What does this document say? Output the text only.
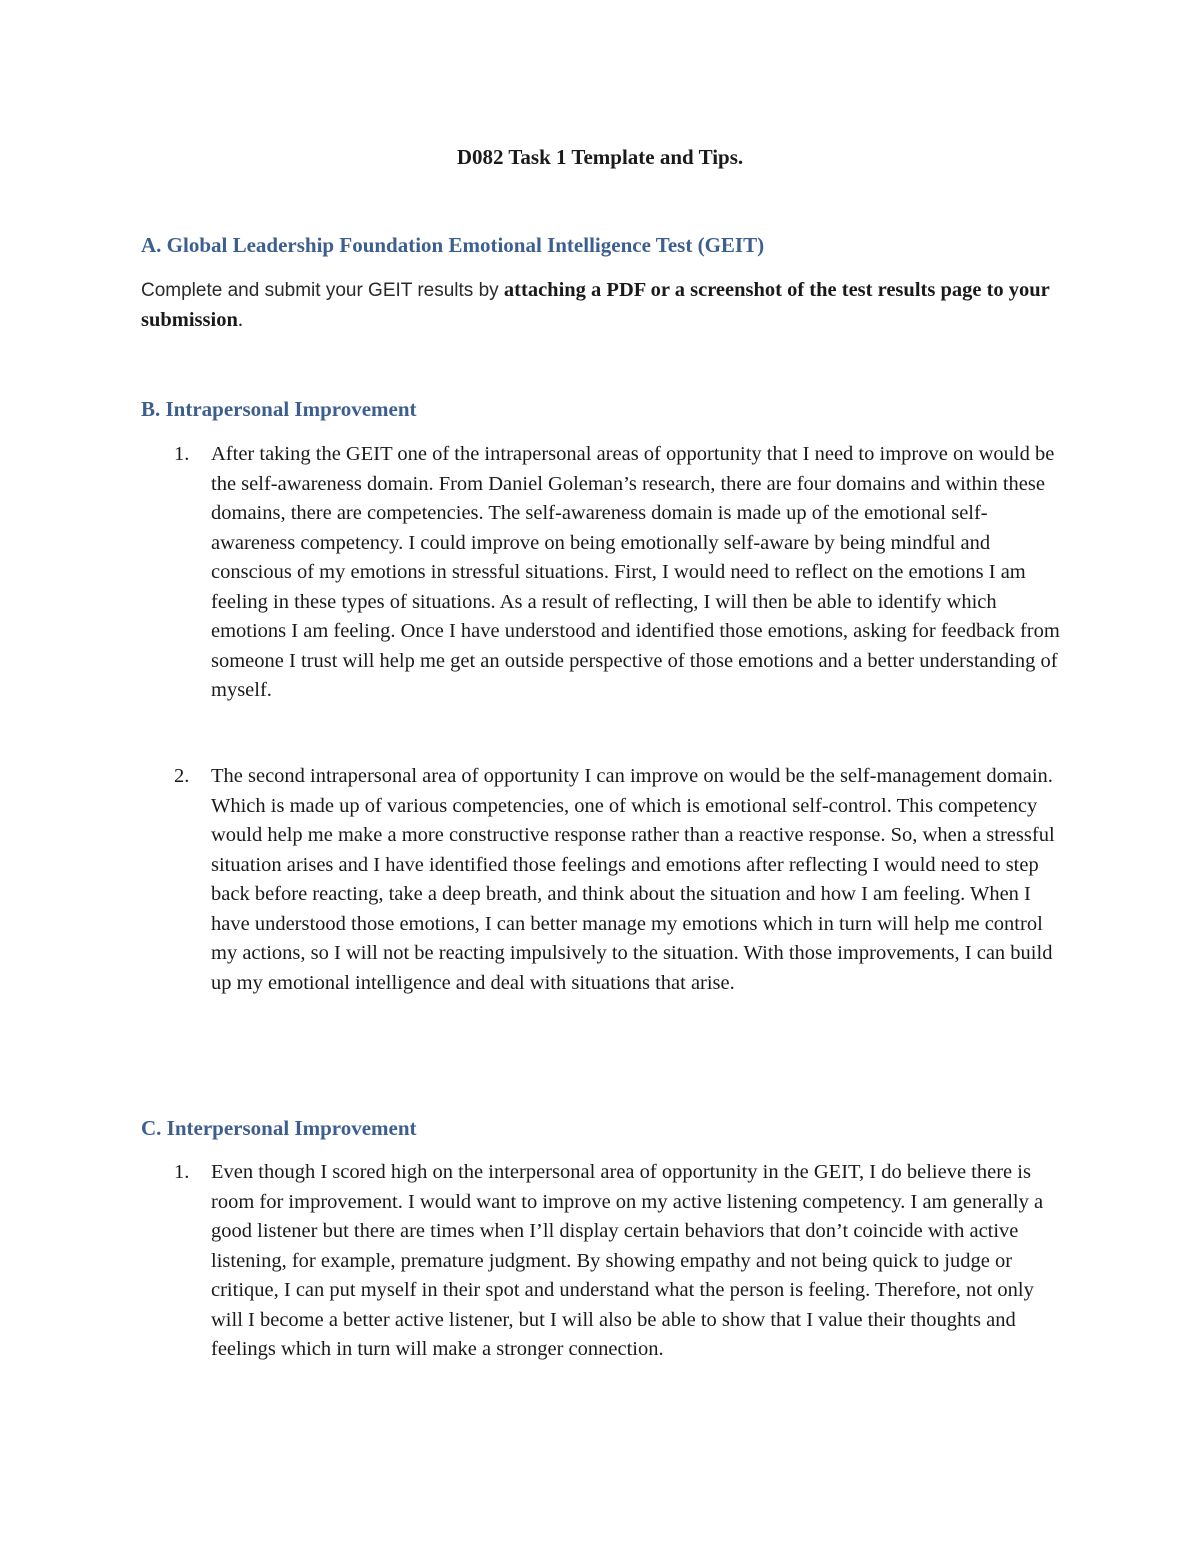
D082 Task 1 Template and Tips.
A. Global Leadership Foundation Emotional Intelligence Test (GEIT)

Complete and submit your GEIT results by attaching a PDF or a screenshot of the test results page to your submission.

B. Intrapersonal Improvement
1.	After taking the GEIT one of the intrapersonal areas of opportunity that I need to improve on would be the self-awareness domain. From Daniel Goleman’s research, there are four domains and within these domains, there are competencies. The self-awareness domain is made up of the emotional self-awareness competency. I could improve on being emotionally self-aware by being mindful and conscious of my emotions in stressful situations. First, I would need to reflect on the emotions I am feeling in these types of situations. As a result of reflecting, I will then be able to identify which emotions I am feeling. Once I have understood and identified those emotions, asking for feedback from someone I trust will help me get an outside perspective of those emotions and a better understanding of myself.
2.	The second intrapersonal area of opportunity I can improve on would be the self-management domain. Which is made up of various competencies, one of which is emotional self-control. This competency would help me make a more constructive response rather than a reactive response. So, when a stressful situation arises and I have identified those feelings and emotions after reflecting I would need to step back before reacting, take a deep breath, and think about the situation and how I am feeling. When I have understood those emotions, I can better manage my emotions which in turn will help me control my actions, so I will not be reacting impulsively to the situation. With those improvements, I can build up my emotional intelligence and deal with situations that arise.
C. Interpersonal Improvement
1.	Even though I scored high on the interpersonal area of opportunity in the GEIT, I do believe there is room for improvement. I would want to improve on my active listening competency. I am generally a good listener but there are times when I’ll display certain behaviors that don’t coincide with active listening, for example, premature judgment. By showing empathy and not being quick to judge or critique, I can put myself in their spot and understand what the person is feeling. Therefore, not only will I become a better active listener, but I will also be able to show that I value their thoughts and feelings which in turn will make a stronger connection.
